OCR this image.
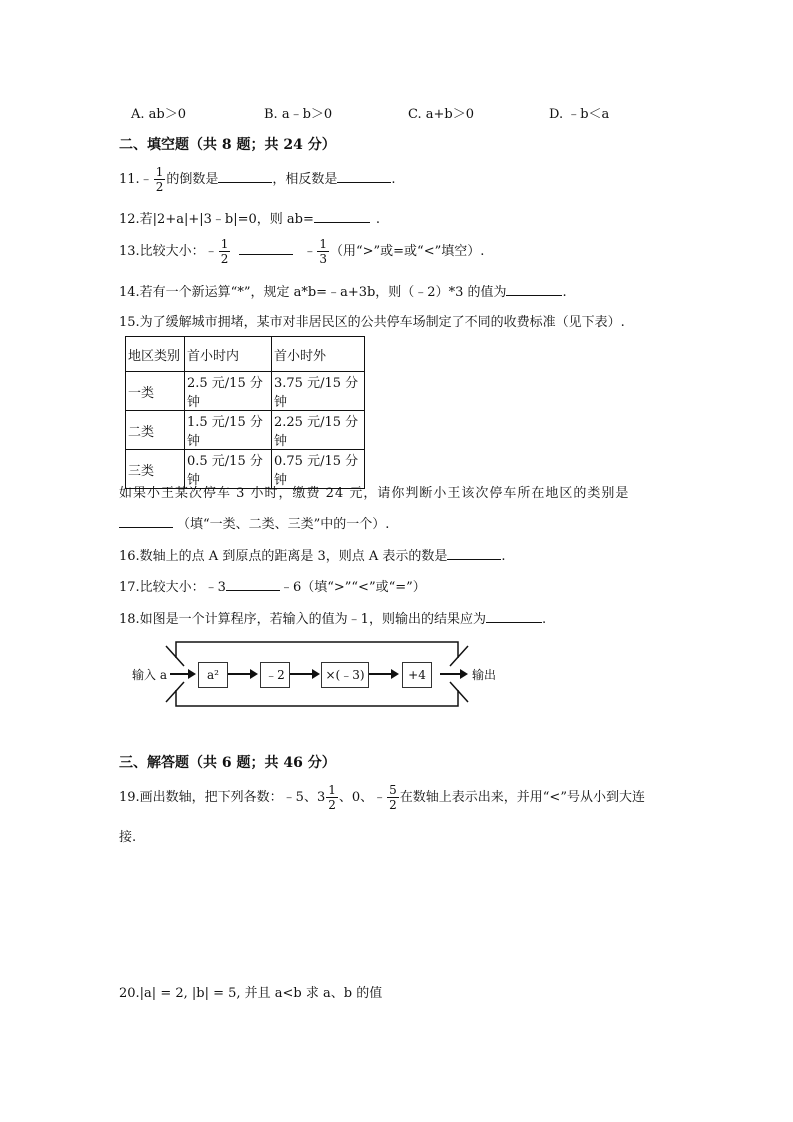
A. ab＞0	B. a﹣b＞0	C. a+b＞0	D. ﹣b＜a
二、填空题（共 8 题；共 24 分）
11.﹣ $\frac{1}{2}$ 的倒数是	，相反数是	.
12.若|2+a|+|3﹣b|=0，则 ab=	.
13.比较大小：﹣ $\frac{1}{2}$	﹣ $\frac{1}{3}$ （用“>”或=或“<”填空）.
14.若有一个新运算“*”，规定 a*b=﹣a+3b，则（﹣2）*3 的值为	.
15.为了缓解城市拥堵，某市对非居民区的公共停车场制定了不同的收费标准（见下表）.
地区类别	首小时内	首小时外
一类	2.5 元/15 分钟	3.75 元/15 分钟
二类	1.5 元/15 分钟	2.25 元/15 分钟
三类	0.5 元/15 分钟	0.75 元/15 分钟
如果小王某次停车 3 小时，缴费 24 元，请你判断小王该次停车所在地区的类别是
（填“一类、二类、三类”中的一个）.
16.数轴上的点 A 到原点的距离是 3，则点 A 表示的数是	.
17.比较大小：﹣3	﹣6（填“>”“<”或“=”）
18.如图是一个计算程序，若输入的值为﹣1，则输出的结果应为	.
输入 a	a²	﹣2	×(﹣3)	+4	输出
三、解答题（共 6 题；共 46 分）
19.画出数轴，把下列各数：﹣5、$3 \frac{1}{2}$ 、0、﹣ $\frac{5}{2}$ 在数轴上表示出来，并用“<”号从小到大连
接.
20.|a| = 2, |b| = 5, 并且 a<b 求 a、b 的值
